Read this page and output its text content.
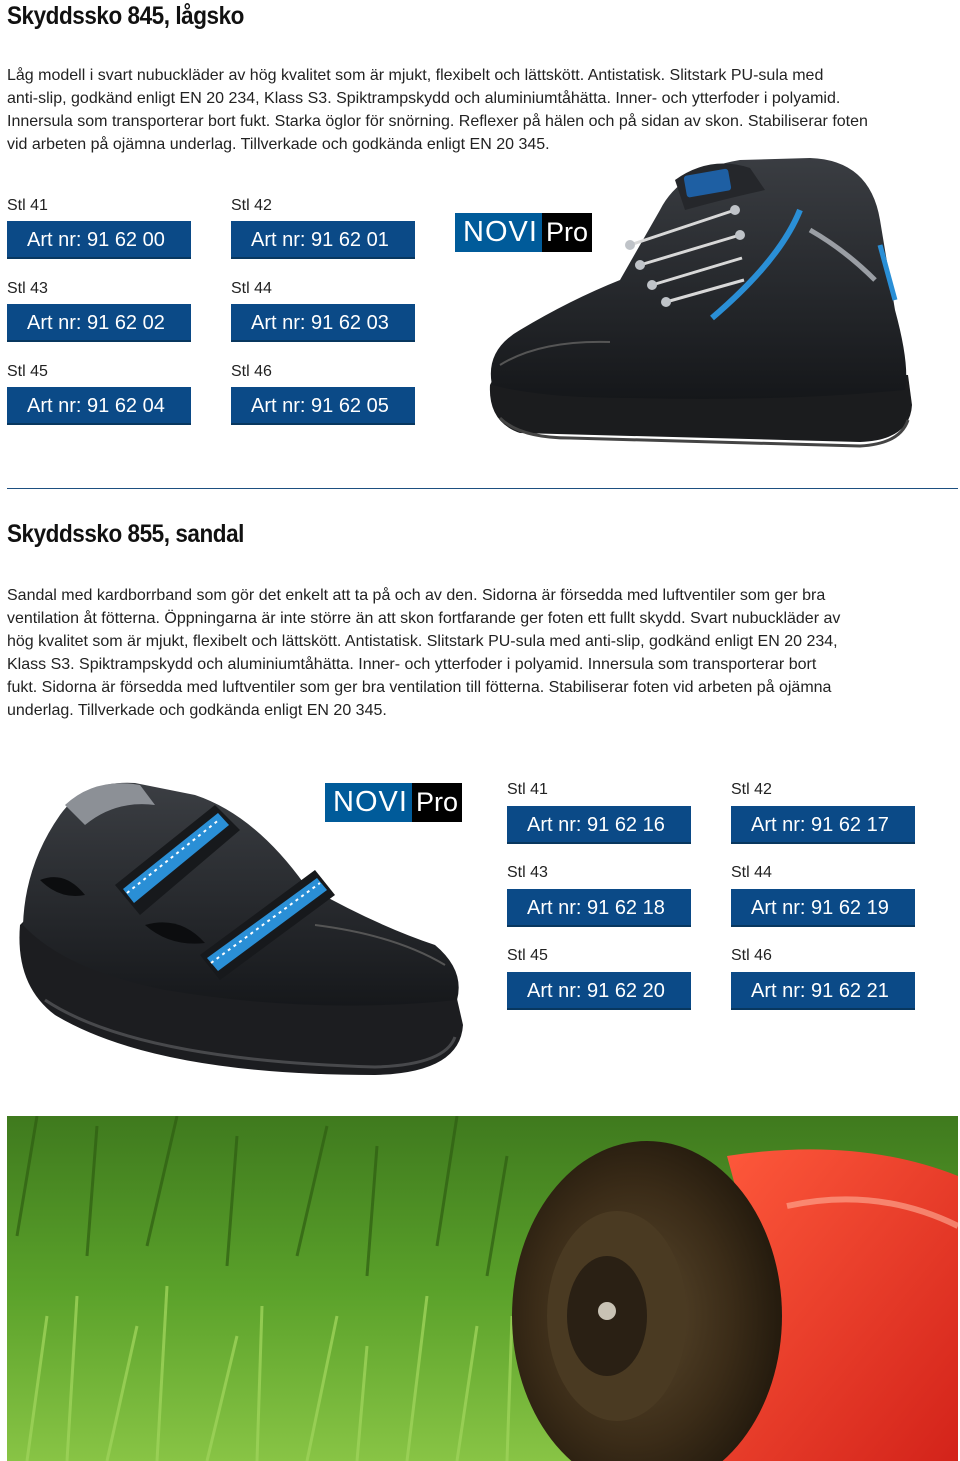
Skyddssko 845, lågsko
Låg modell i svart nubuckläder av hög kvalitet som är mjukt, flexibelt och lättskött. Antistatisk. Slitstark PU-sula med
anti-slip, godkänd enligt EN 20 234, Klass S3. Spiktrampskydd och aluminiumtåhätta. Inner- och ytterfoder i polyamid.
Innersula som transporterar bort fukt. Starka öglor för snörning. Reflexer på hälen och på sidan av skon. Stabiliserar foten
vid arbeten på ojämna underlag. Tillverkade och godkända enligt EN 20 345.
Stl 41
Art nr: 91 62 00
Stl 42
Art nr: 91 62 01
Stl 43
Art nr: 91 62 02
Stl 44
Art nr: 91 62 03
Stl 45
Art nr: 91 62 04
Stl 46
Art nr: 91 62 05
NOVI Pro
Skyddssko 855, sandal
Sandal med kardborrband som gör det enkelt att ta på och av den. Sidorna är försedda med luftventiler som ger bra
ventilation åt fötterna. Öppningarna är inte större än att skon fortfarande ger foten ett fullt skydd. Svart nubuckläder av
hög kvalitet som är mjukt, flexibelt och lättskött. Antistatisk. Slitstark PU-sula med anti-slip, godkänd enligt EN 20 234,
Klass S3. Spiktrampskydd och aluminiumtåhätta. Inner- och ytterfoder i polyamid. Innersula som transporterar bort
fukt. Sidorna är försedda med luftventiler som ger bra ventilation till fötterna. Stabiliserar foten vid arbeten på ojämna
underlag. Tillverkade och godkända enligt EN 20 345.
NOVI Pro	Stl 41
Art nr: 91 62 16
Stl 42
Art nr: 91 62 17
Stl 43
Art nr: 91 62 18
Stl 44
Art nr: 91 62 19
Stl 45
Art nr: 91 62 20
Stl 46
Art nr: 91 62 21
